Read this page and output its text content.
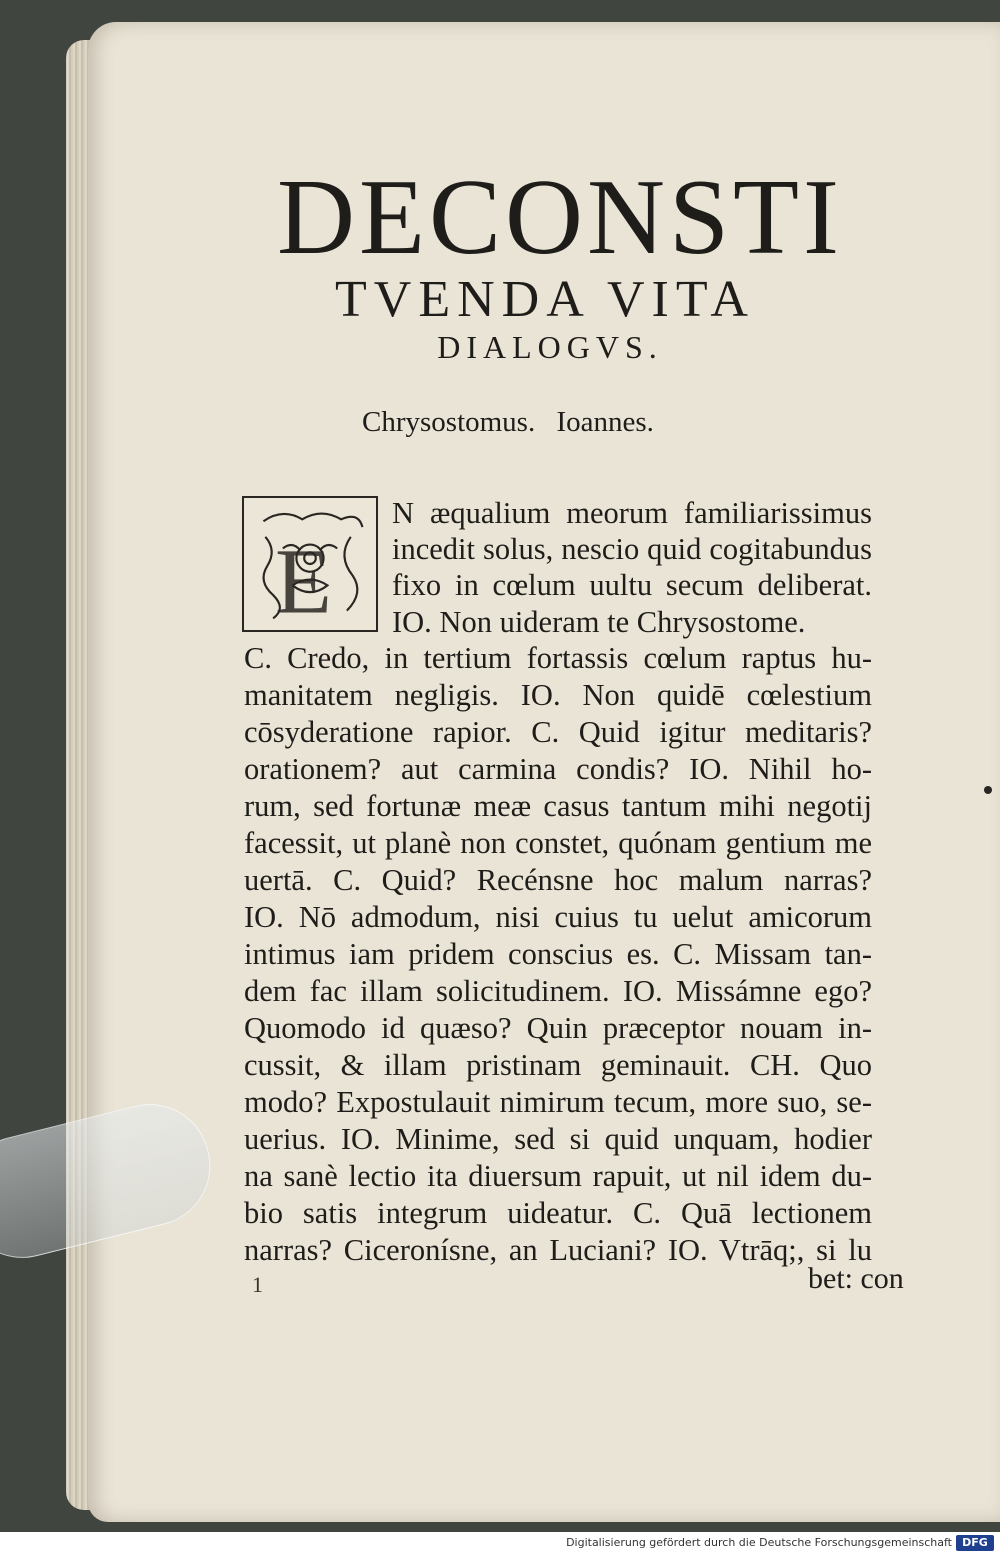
DECONSTI
TVENDA VITA
DIALOGVS.
Chrysostomus. Ioannes.
E
N æqualium meorum familiarissimus
incedit solus, nescio quid cogitabundus
fixo in cœlum uultu secum deliberat.
IO. Non uideram te Chrysostome.
C. Credo, in tertium fortassis cœlum raptus hu-
manitatem negligis. IO. Non quidē cœlestium
cōsyderatione rapior. C. Quid igitur meditaris?
orationem? aut carmina condis? IO. Nihil ho-
rum, sed fortunæ meæ casus tantum mihi negotij
facessit, ut planè non constet, quónam gentium me
uertā. C. Quid? Recénsne hoc malum narras?
IO. Nō admodum, nisi cuius tu uelut amicorum
intimus iam pridem conscius es. C. Missam tan-
dem fac illam solicitudinem. IO. Missámne ego?
Quomodo id quæso? Quin præceptor nouam in-
cussit, & illam pristinam geminauit. CH. Quo
modo? Expostulauit nimirum tecum, more suo, se-
uerius. IO. Minime, sed si quid unquam, hodier
na sanè lectio ita diuersum rapuit, ut nil idem du-
bio satis integrum uideatur. C. Quā lectionem
narras? Ciceronísne, an Luciani? IO. Vtrāq;, si lu
bet: con
1
Digitalisierung gefördert durch die Deutsche Forschungsgemeinschaft DFG
